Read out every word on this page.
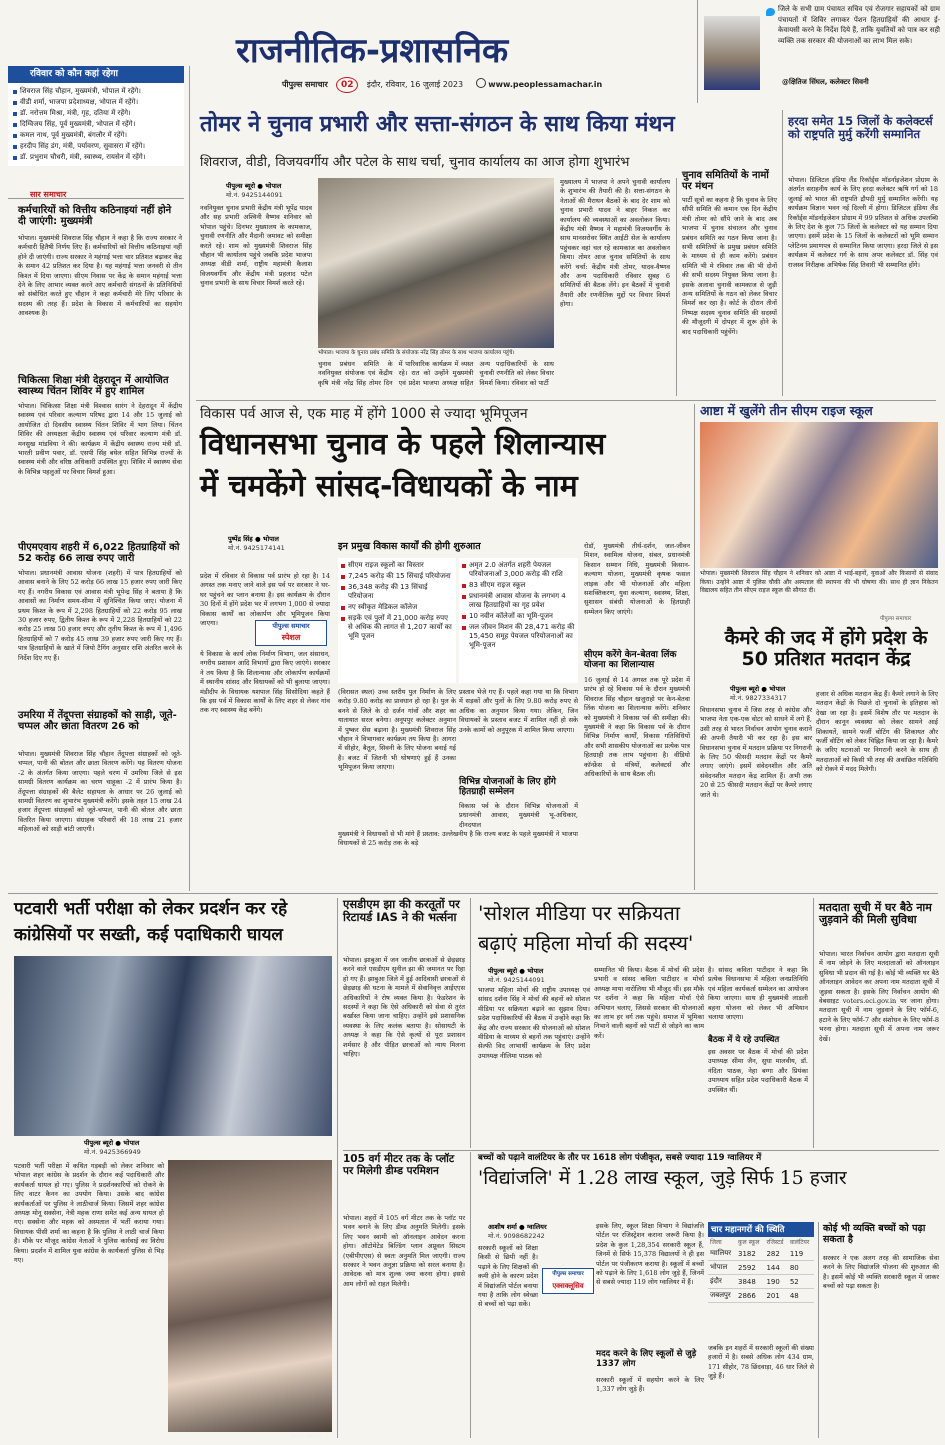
राजनीतिक-प्रशासनिक
पीपुल्स समाचार 02 इंदौर, रविवार, 16 जुलाई 2023	www.peoplessamachar.in
जिले के सभी ग्राम पंचायत सचिव एवं रोजगार सहायकों को ग्राम पंचायतों में शिविर लगाकर पेंशन हितग्राहियों की आधार ई-केवायसी करने के निर्देश दिये हैं, ताकि युवतियों को पात्र कर सही व्यक्ति तक सरकार की योजनाओं का लाभ मिल सके।
@क्षितिज सिंघल, कलेक्टर सिवनी
रविवार को कौन कहां रहेगा
शिवराज सिंह चौहान, मुख्यमंत्री, भोपाल में रहेंगे।
वीडी शर्मा, भाजपा प्रदेशाध्यक्ष, भोपाल में रहेंगे।
डॉ. नरोत्तम मिश्रा, मंत्री, गृह, दतिया में रहेंगे।
दिग्विजय सिंह, पूर्व मुख्यमंत्री, भोपाल में रहेंगे।
कमल नाथ, पूर्व मुख्यमंत्री, बंगलौर में रहेंगे।
हरदीप सिंह डंग, मंत्री, पर्यावरण, सुवासरा में रहेंगे।
डॉ. प्रभुराम चौधरी, मंत्री, स्वास्थ्य, रायसेन में रहेंगे।
सार समाचार
कर्मचारियों को वित्तीय कठिनाइयां नहीं होने दी जाएंगी: मुख्यमंत्री
भोपाल। मुख्यमंत्री शिवराज सिंह चौहान ने कहा है कि राज्य सरकार ने कर्मचारी हितैषी निर्णय लिए हैं। कर्मचारियों को वित्तीय कठिनाइयां नहीं होने दी जाएंगी। राज्य सरकार ने महंगाई भत्ता चार प्रतिशत बढ़ाकर केंद्र के समान 42 प्रतिशत कर दिया है। यह महंगाई भत्ता जनवरी से तीन किश्त में दिया जाएगा। सीएम निवास पर केंद्र के समान महंगाई भत्ता देने के लिए आभार व्यक्त करने आए कर्मचारी संगठनों के प्रतिनिधियों को संबोधित करते हुए चौहान ने कहा कर्मचारी मेरे लिए परिवार के सदस्य की तरह हैं। प्रदेश के विकास में कर्मचारियों का सहयोग आवश्यक है।
चिकित्सा शिक्षा मंत्री देहरादून में आयोजित स्वास्थ्य चिंतन शिविर में हुए शामिल
भोपाल। चिकित्सा शिक्षा मंत्री विश्वास सारंग ने देहरादून में केंद्रीय स्वास्थ्य एवं परिवार कल्याण परिषद द्वारा 14 और 15 जुलाई को आयोजित दो दिवसीय स्वास्थ्य चिंतन शिविर में भाग लिया। चिंतन शिविर की अध्यक्षता केंद्रीय स्वास्थ्य एवं परिवार कल्याण मंत्री डॉ. मनसुख मांडविया ने की। कार्यक्रम में केंद्रीय स्वास्थ्य राज्य मंत्री डॉ. भारती प्रवीण पवार, डॉ. एसपी सिंह बघेल सहित विभिन्न राज्यों के स्वास्थ्य मंत्री और वरिष्ठ अधिकारी उपस्थित हुए। शिविर में स्वास्थ्य सेवा के विभिन्न पहलुओं पर विचार विमर्श हुआ।
पीएमएवाय शहरी में 6,022 हितग्राहियों को 52 करोड़ 66 लाख रुपए जारी
भोपाल। प्रधानमंत्री आवास योजना (शहरी) में पात्र हितग्राहियों को आवास बनाने के लिए 52 करोड़ 66 लाख 15 हजार रुपए जारी किए गए हैं। नगरीय विकास एवं आवास मंत्री भूपेन्द्र सिंह ने बताया है कि आवासों का निर्माण समय-सीमा में सुनिश्चित किया जाए। योजना में प्रथम किश्त के रूप में 2,298 हितग्राहियों को 22 करोड़ 95 लाख 30 हजार रुपए, द्वितीय किश्त के रूप में 2,228 हितग्राहियों को 22 करोड़ 25 लाख 50 हजार रुपए और तृतीय किश्त के रूप में 1,496 हितग्राहियों को 7 करोड़ 45 लाख 39 हजार रुपए जारी किए गए हैं। पात्र हितग्राहियों के खाते में जियो टैगिंग अनुसार राशि अंतरित करने के निर्देश दिए गए हैं।
उमरिया में तेंदूपत्ता संग्राहकों को साड़ी, जूते-चप्पल और छाता वितरण 26 को
भोपाल। मुख्यमंत्री शिवराज सिंह चौहान तेंदूपत्ता संग्राहकों को जूते-चप्पल, पानी की बोतल और छाता वितरण करेंगे। यह वितरण योजना -2 के अंतर्गत किया जाएगा। पहले चरण में उमरिया जिले से इस सामग्री वितरण कार्यक्रम का चरण चाहूका -2 में प्रारंभ किया है। तेंदूपत्ता संग्राहकों की बैलेट सहायता के आधार पर 26 जुलाई को सामग्री वितरण का शुभारंभ मुख्यमंत्री करेंगे। इसके तहत 15 लाख 24 हजार तेंदूपत्ता संग्राहकों को जूते-चप्पल, पानी की बोतल और छाता वितरित किया जाएगा। संग्राहक परिवारों की 18 लाख 21 हजार महिलाओं को साड़ी बांटी जाएगी।
तोमर ने चुनाव प्रभारी और सत्ता-संगठन के साथ किया मंथन
शिवराज, वीडी, विजयवर्गीय और पटेल के साथ चर्चा, चुनाव कार्यालय का आज होगा शुभारंभ
पीपुल्स ब्यूरो ● भोपाल
मो.नं. 9425144091
नवनियुक्त चुनाव प्रभारी केंद्रीय मंत्री भूपेंद्र यादव और सह प्रभारी अश्विनी वैष्णव शनिवार को भोपाल पहुंचे। दिनभर मुख्यालय के कामकाज, चुनावी रणनीति और मैदानी जमावट को समीक्षा करते रहे। शाम को मुख्यमंत्री शिवराज सिंह चौहान भी कार्यालय पहुंचे जबकि प्रदेश भाजपा अध्यक्ष वीडी शर्मा, राष्ट्रीय महामंत्री कैलाश विजयवर्गीय और केंद्रीय मंत्री प्रहलाद पटेल चुनाव प्रभारी के साथ विचार विमर्श करते रहे।
भोपाल। भाजपा के चुनाव प्रबंध समिति के संयोजक नरेंद्र सिंह तोमर के साथ भाजपा कार्यालय पहुंचे।
चुनाव प्रबंधन समिति के नवनियुक्त संयोजक एवं केंद्रीय कृषि मंत्री नरेंद्र सिंह तोमर दिन में पारिवारिक कार्यक्रम में व्यस्त रहे। रात को उन्होंने मुख्यमंत्री एवं प्रदेश भाजपा अध्यक्ष सहित अन्य पदाधिकारियों के साथ चुनावी रणनीति को लेकर विचार विमर्श किया। रविवार को पार्टी
मुख्यालय में भाजपा ने अपने चुनावी कार्यालय के शुभारंभ की तैयारी की है। सत्ता-संगठन के नेताओं की मैराथन बैठकों के बाद देर शाम को चुनाव प्रभारी यादव ने बाहर निकल कर कार्यालय की व्यवस्थाओं का अवलोकन किया। केंद्रीय मंत्री वैष्णव ने महामंत्री विजयवर्गीय के साथ मानसरोवर स्थित आईटी सेल के कार्यालय पहुंचकर वहां चल रहे कामकाज का अवलोकन किया। तोमर आज चुनाव समितियों के साथ करेंगे चर्चा: केंद्रीय मंत्री तोमर, यादव-वैष्णव और अन्य पदाधिकारी रविवार सुबह 6 समितियों की बैठक लेंगे। इन बैठकों में चुनावी तैयारी और रणनीतिक मुद्दों पर विचार विमर्श होगा।
चुनाव समितियों के नामों पर मंथन
पार्टी सूत्रों का कहना है कि चुनाव के लिए सौंपी समिति की कमान एक दिन केंद्रीय मंत्री तोमर को सौंपे जाने के बाद अब भाजपा में चुनाव संचालन और चुनाव प्रबंधन समिति का गठन किया जाना है। सभी समितियों के प्रमुख प्रबंधन समिति के माध्यम से ही काम करेंगे। प्रबंधन समिति भी मे रविवार तक की भी दोनों की सभी सदस्य नियुक्त किया जाना है। इसके अलावा चुनावी कामकाज से जुड़ी अन्य समितियों के गठन को लेकर विचार विमर्श कर रहा है। कोर्ट के दौरान तीनों निष्पक्ष सदस्य चुनाव समिति की सदस्यों की मौजूदगी में दोपहर में शुरू होने के बाद पदाधिकारी पहुंचेंगे।
हरदा समेत 15 जिलों के कलेक्टर्स को राष्ट्रपति मुर्मु करेंगी सम्मानित
भोपाल। डिजिटल इंडिया लैंड रिकॉर्ड्स मॉडर्नाइजेशन प्रोग्राम के अंतर्गत सराहनीय कार्य के लिए हरदा कलेक्टर ऋषि गर्ग को 18 जुलाई को भारत की राष्ट्रपति द्रौपदी मुर्मु सम्मानित करेंगी। यह कार्यक्रम विज्ञान भवन नई दिल्ली में होगा। डिजिटल इंडिया लैंड रिकॉर्ड्स मॉडर्नाइजेशन प्रोग्राम में 99 प्रतिशत से अधिक उपलब्धि के लिए देश के कुल 75 जिलों के कलेक्टर को यह सम्मान दिया जाएगा। इसमें प्रदेश के 15 जिलों के कलेक्टरों को भूमि सम्मान प्लेटिनम प्रमाणपत्र से सम्मानित किया जाएगा। हरदा जिले से इस कार्यक्रम में कलेक्टर गर्ग के साथ अपर कलेक्टर डॉ. सिंह एवं राजस्व निरीक्षक अभिषेक सिंह तिवारी भी सम्मानित होंगे।
विकास पर्व आज से, एक माह में होंगे 1000 से ज्यादा भूमिपूजन
विधानसभा चुनाव के पहले शिलान्यास
में चमकेंगे सांसद-विधायकों के नाम
पुष्पेंद्र सिंह ● भोपाल
मो.नं. 9425174141
प्रदेश में रविवार से विकास पर्व प्रारंभ हो रहा है। 14 अगस्त तक मनाए जाने वाले इस पर्व पर सरकार ने घर-घर पहुंचने का प्लान बनाया है। इस कार्यक्रम के दौरान 30 दिनों में होंगे प्रदेश भर में लगभग 1,000 से ज्यादा विकास कार्यों का लोकार्पण और भूमिपूजन किया जाएगा।	पीपुल्स समाचार
स्पेशल
ये विकास के कार्य लोक निर्माण विभाग, जल संसाधन, नगरीय प्रशासन आदि विभागों द्वारा किए जाएंगे। सरकार ने तय किया है कि शिलान्यास और लोकार्पण कार्यक्रमों में स्थानीय सांसद और विधायकों को भी बुलाया जाएगा। मंडीदीप के विधायक यशपाल सिंह सिसोदिया कहते हैं कि इस पर्व में विकास कार्यों के लिए शहर से लेकर गांव तक नए स्वास्थ्य केंद्र बनेंगे।
इन प्रमुख विकास कार्यों की होगी शुरुआत
सीएम राइज स्कूलों का विस्तार
7,245 करोड़ की 15 सिंचाई परियोजना
36,348 करोड़ की 13 सिंचाई परियोजना
नए स्वीकृत मेडिकल कॉलेज
सड़कें एवं पुलों में 21,000 करोड़ रुपए से अधिक की लागत से 1,207 कार्यों का भूमि पूजन
अमृत 2.0 अंतर्गत शहरी पेयजल परियोजनाओं 3,000 करोड़ की राशि
83 सीएम राइज स्कूल
प्रधानमंत्री आवास योजना के लगभग 4 लाख हितग्राहियों का गृह प्रवेश
10 नवीन कॉलेजों का भूमि-पूजन
जल जीवन मिशन की 28,471 करोड़ की 15,450 समूह पेयजल परियोजनाओं का भूमि-पूजन
(विरासत स्थल) उच्च स्तरीय पुल निर्माण के लिए करोड़ 9.80 करोड़ का प्रावधान हो रहा है। पुल के बनने से जिले के दो दर्जन गांवों और शहर का यातायात सरल बनेगा। अनूपपुर कलेक्टर अनुमान में पुष्कर सेंस बढ़ाना है। मुख्यमंत्री शिवराज सिंह चौहान ने विभागवार कार्यक्रम तय किया है। आगरा में सीहोर, बैतूल, सिवनी के लिए योजना बनाई गई है। बजट में जितनी भी घोषणाएं हुई हैं उनका भूमिपूजन किया जाएगा।
प्रस्ताव भेजे गए हैं। पहले कहा गया था कि विभाग में सड़कों और पुलों के लिए 9.80 करोड़ रुपए से अधिक का अनुमान किया गया। लेकिन, जिन विधायकों के प्रस्ताव बजट में शामिल नहीं हो सके उनके कामों को अनुपूरक में शामिल किया जाएगा।
विभिन्न योजनाओं के लिए होंगे हितग्राही सम्मेलन
विकास पर्व के दौरान विभिन्न योजनाओं में प्रधानमंत्री आवास, मुख्यमंत्री भू-अधिकार, दीनदयाल
मुख्यमंत्री ने विधायकों से भी मांगे हैं प्रस्ताव: उल्लेखनीय है कि राज्य बजट के पहले मुख्यमंत्री ने भाजपा विधायकों से 25 करोड़ तक के बड़े
रोडॉ, मुख्यमंत्री तीर्थ-दर्शन, जल-जीवन मिशन, स्वामित्व योजना, संबल, प्रधानमंत्री किसान सम्मान निधि, मुख्यमंत्री किसान-कल्याण योजना, मुख्यमंत्री कृषक फसल लाइक और भी योजनाओं और महिला सशक्तिकरण, युवा कल्याण, स्वास्थ्य, शिक्षा, सुशासन संबंधी योजनाओं के हितग्राही सम्मेलन किए जाएंगे।
सीएम करेंगे केन-बेतवा लिंक योजना का शिलान्यास
16 जुलाई से 14 अगस्त तक पूरे प्रदेश में प्रारंभ हो रहे विकास पर्व के दौरान मुख्यमंत्री शिवराज सिंह चौहान खजुराहो पर केन-बेतवा लिंक योजना का शिलान्यास करेंगे। शनिवार को मुख्यमंत्री ने विकास पर्व की समीक्षा की। मुख्यमंत्री ने कहा कि विकास पर्व के दौरान विभिन्न निर्माण कार्यों, विकास गतिविधियों और सभी शासकीय योजनाओं का प्रत्येक पात्र हितग्राही तक लाभ पहुंचाना है। वीडियो कॉन्फ्रेंस से मंत्रियों, कलेक्टर्स और अधिकारियों के साथ बैठक ली।
आष्टा में खुलेंगे तीन सीएम राइज स्कूल
भोपाल। मुख्यमंत्री शिवराज सिंह चौहान ने शनिवार को आष्टा में भाई-बहनों, युवाओं और किसानों से संवाद किया। उन्होंने आष्टा में पुलिस चौकी और अस्पताल की स्थापना की भी घोषणा की। साथ ही ज्ञान निकेतन विद्यालय सहित तीन सीएम राइज स्कूल की सौगात दी।
पीपुल्स समाचार
कैमरे की जद में होंगे प्रदेश के 50 प्रतिशत मतदान केंद्र
पीपुल्स ब्यूरो ● भोपाल
मो.नं. 9827334317
विधानसभा चुनाव में जिस तरह से कांग्रेस और भाजपा नेता एक-एक वोटर को साधने में लगे हैं, उसी तरह से भारत निर्वाचन आयोग चुनाव कराने की अपनी तैयारी भी कर रहा है। इस बार विधानसभा चुनाव में मतदान प्रक्रिया पर निगरानी के लिए 50 फीसदी मतदान केंद्रों पर कैमरे लगाए जाएंगे। इसमें संवेदनशील और अति संवेदनशील मतदान केंद्र शामिल हैं। अभी तक 20 से 25 फीसदी मतदान केंद्रों पर कैमरे लगाए जाते थे।
हजार से अधिक मतदान केंद्र हैं। कैमरे लगाने के लिए मतदान केंद्रों के पिछले दो चुनावों के इतिहास को देखा जा रहा है। इसमें विशेष तौर पर मतदान के दौरान कानून व्यवस्था को लेकर सामने आई शिकायतें, सामने फर्जी वोटिंग की शिकायत और फर्जी वोटिंग को लेकर चिह्नित किया जा रहा है। कैमरे के जरिए घटनाओं पर निगरानी करने के साथ ही मतदाताओं को किसी भी तरह की अवांछित गतिविधि को रोकने में मदद मिलेगी।
पटवारी भर्ती परीक्षा को लेकर प्रदर्शन कर रहे
कांग्रेसियों पर सख्ती, कई पदाधिकारी घायल
पीपुल्स ब्यूरो ● भोपाल
मो.नं. 9425366949
पटवारी भर्ती परीक्षा में कथित गड़बड़ी को लेकर शनिवार को भोपाल शहर कांग्रेस के प्रदर्शन के दौरान कई पदाधिकारी और कार्यकर्ता घायल हो गए। पुलिस ने प्रदर्शनकारियों को रोकने के लिए वाटर कैनन का उपयोग किया। उसके बाद कांग्रेस कार्यकर्ताओं पर पुलिस ने लाठीचार्ज किया। जिसमें शहर कांग्रेस अध्यक्ष मोनू सक्सेना, नेत्री महक राणा समेत कई अन्य घायल हो गए। सक्सेना और महक को अस्पताल में भर्ती कराया गया। विधायक पीसी शर्मा का कहना है कि पुलिस ने लाठी चार्ज किया है। मौके पर मौजूद कांग्रेस नेताओं ने पुलिस कार्रवाई का विरोध किया। प्रदर्शन में शामिल युवा कांग्रेस के कार्यकर्ता पुलिस से भिड़ गए।
पीपुल्स समाचार
एसडीएम झा की करतूतों पर रिटायर्ड IAS ने की भर्त्सना
भोपाल। झाबुआ में जन जातीय छात्राओं से छेड़छाड़ करने वाले एसडीएम सुनील झा की जमानत पर रिहा हो गए हैं। झाबुआ जिले में हुई आदिवासी छात्राओं से छेड़छाड़ की घटना के मामले में सेवानिवृत्त आईएएस अधिकारियों ने रोष व्यक्त किया है। फेडरेशन के सदस्यों ने कहा कि ऐसे अधिकारी को सेवा से तुरंत बर्खास्त किया जाना चाहिए। उन्होंने इसे प्रशासनिक व्यवस्था के लिए कलंक बताया है। सोसायटी के अध्यक्ष ने कहा कि ऐसे कृत्यों से पूरा प्रशासन शर्मसार है और पीड़ित छात्राओं को न्याय मिलना चाहिए।
'सोशल मीडिया पर सक्रियता
बढ़ाएं महिला मोर्चा की सदस्य'
पीपुल्स ब्यूरो ● भोपाल
मो.नं. 9425144091
भाजपा महिला मोर्चा की राष्ट्रीय उपाध्यक्ष एवं सांसद दर्शना सिंह ने मोर्चा की बहनों को सोशल मीडिया पर सक्रियता बढ़ाने का सुझाव दिया। प्रदेश पदाधिकारियों की बैठक में उन्होंने कहा कि केंद्र और राज्य सरकार की योजनाओं को सोशल मीडिया के माध्यम से बहनों तक पहुंचाएं। उन्होंने सेल्फी विद लाभार्थी कार्यक्रम के लिए प्रदेश उपाध्यक्ष नीलिमा पाठक को
सम्मानित भी किया। बैठक में मोर्चा की प्रदेश प्रभारी व सांसद कविता पाटीदार व मोर्चा अध्यक्ष माया नारोलिया भी मौजूद थीं। इस मौके पर दर्शना ने कहा कि महिला मोर्चा ऐसे अभियान चलाए, जिससे सरकार की योजनाओं का लाभ हर वर्ग तक पहुंचे। समाज में भूमिका निभाने वाली बहनों को पार्टी से जोड़ने का काम करें।
है। सांसद कविता पाटीदार ने कहा कि प्रत्येक विधानसभा में महिला जनप्रतिनिधि एवं महिला कार्यकर्ता सम्मेलन का आयोजन किया जाएगा। साथ ही मुख्यमंत्री लाडली बहना योजना को लेकर भी अभियान चलाया जाएगा।
बैठक में ये रहे उपस्थित
इस अवसर पर बैठक में मोर्चा की प्रदेश उपाध्यक्ष सीमा जैन, सुधा मालवीय, डॉ. नंदिता पाठक, नेहा बग्गा और प्रियंका उपाध्याय सहित प्रदेश पदाधिकारी बैठक में उपस्थित थीं।
मतदाता सूची में घर बैठे नाम जुड़वाने की मिली सुविधा
भोपाल। भारत निर्वाचन आयोग द्वारा मतदाता सूची में नाम जोड़ने के लिए मतदाताओं को ऑनलाइन सुविधा भी प्रदान की गई है। कोई भी व्यक्ति घर बैठे ऑनलाइन आवेदन कर अपना नाम मतदाता सूची में जुड़वा सकता है। इसके लिए निर्वाचन आयोग की वेबसाइट voters.eci.gov.in पर जाना होगा। मतदाता सूची में नाम जुड़वाने के लिए फॉर्म-6, हटाने के लिए फॉर्म-7 और संशोधन के लिए फॉर्म-8 भरना होगा। मतदाता सूची में अपना नाम जरूर देखें।
105 वर्ग मीटर तक के प्लॉट पर मिलेगी डीम्ड परमिशन
भोपाल। शहरों में 105 वर्ग मीटर तक के प्लॉट पर भवन बनाने के लिए डीम्ड अनुमति मिलेगी। इसके लिए भवन स्वामी को ऑनलाइन आवेदन करना होगा। ऑटोमेटेड बिल्डिंग प्लान अप्रूवल सिस्टम (एबीपीएएस) से स्वतः अनुमति मिल जाएगी। राज्य सरकार ने भवन अनुज्ञा प्रक्रिया को सरल बनाया है। आवेदक को मात्र शुल्क जमा करना होगा। इससे आम लोगों को राहत मिलेगी।
बच्चों को पढ़ाने वालंटियर के तौर पर 1618 लोग पंजीकृत, सबसे ज्यादा 119 ग्वालियर में
'विद्यांजलि' में 1.28 लाख स्कूल, जुड़े सिर्फ 15 हजार
आशीष शर्मा ● ग्वालियर
मो.नं. 9098682242
सरकारी स्कूलों को शिक्षा किसी से छिपी नहीं है। पढ़ाने के लिए शिक्षकों की कमी होने के कारण प्रदेश में विद्यांजलि पोर्टल बनाया गया है ताकि लोग स्वेच्छा से बच्चों को पढ़ा सकें।
पीपुल्स समाचार
एक्सक्लूसिव
इसके लिए, स्कूल शिक्षा विभाग ने विद्यांजलि पोर्टल पर रजिस्ट्रेशन कराना जरूरी किया है। प्रदेश के कुल 1,28,354 सरकारी स्कूल हैं, जिनमें से सिर्फ 15,378 विद्यालयों ने ही इस पोर्टल पर पंजीकरण कराया है। स्कूलों में बच्चों को पढ़ाने के लिए 1,618 लोग जुड़े हैं, जिनमें से सबसे ज्यादा 119 लोग ग्वालियर में हैं।
मदद करने के लिए स्कूलों से जुड़े 1337 लोग
सरकारी स्कूलों में सहयोग करने के लिए 1,337 लोग जुड़े हैं।
चार महानगरों की स्थिति
जिला	कुल स्कूल	रजिस्टर्ड	वालंटियर
ग्वालियर	3182	282	119
भोपाल	2592	144	80
इंदौर	3848	190	52
जबलपुर	2866	201	48
जबकि इन शहरों में सरकारी स्कूलों की संख्या हजारों में है। सबसे अधिक लोग 434 ग्राम, 171 सीहोर, 78 छिंदवाड़ा, 46 धार जिले से जुड़े हैं।
कोई भी व्यक्ति बच्चों को पढ़ा सकता है
सरकार ने एक अलग तरह की सामाजिक सेवा करने के लिए विद्यांजलि योजना की शुरुआत की है। इसमें कोई भी व्यक्ति सरकारी स्कूल में जाकर बच्चों को पढ़ा सकता है।
